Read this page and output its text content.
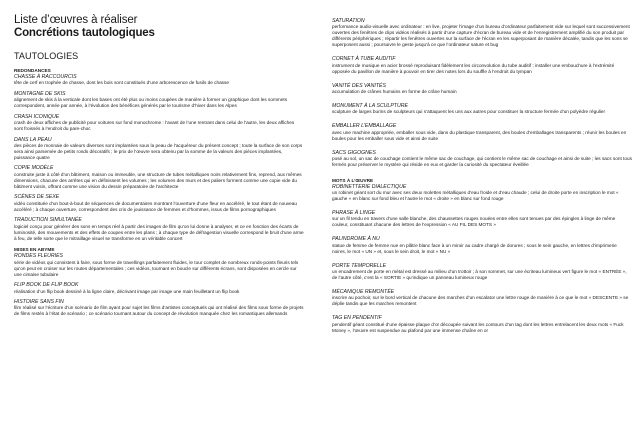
Liste d’œuvres à réaliser
Concrétions tautologiques
TAUTOLOGIES
REDONDANCES
CHASSE À RACCOURCIS
tête de cerf en trophée de chasse, dont les bois sont constitués d’une arborescence de fusils de chasse
MONTAGNE DE SKIS
alignement de skis à la verticale dont les bases ont été plus ou moins coupées de manière à former un graphique dont les sommets correspondent, année par année, à l’évolution des bénéfices générés par le tourisme d’hiver dans les Alpes
CRASH ICONIQUE
crash de deux affiches de publicité pour voitures sur fond monochrome : l’avant de l’une rentrant dans celui de l’autre, les deux affiches sont froissés à l’endroit du pare-choc
DANS LA PEAU
des pièces de monnaie de valeurs diverses sont implantées sous la peau de l’acquéreur du présent concept ; toute la surface de son corps sera ainsi parsemée de petits ronds décoratifs ; le prix de l’œuvre sera obtenu par la somme de la valeurs des pièces implantées, puissance quatre
COPIE MODÈLE
construite juste à côté d’un bâtiment, maison ou immeuble, une structure de tubes métalliques noirs relativement fins, reprend, aux mêmes dimensions, chacune des arrêtes qui en définissent les volumes ; les volumes des murs et des paliers forment comme une copie vide du bâtiment voisin, offrant comme une vision du dessin préparatoire de l’architecte
SCÈNES DE SEXE
vidéo constituée d’un bout-à-bout de séquences de documentaires montrant l’ouverture d’une fleur en accéléré, le tout étant de nouveau accéléré ; à chaque ouverture, correspondent des cris de jouissance de femmes et d’hommes, issus de films pornographiques
TRADUCTION SIMULTANÉE
logiciel conçu pour générer des sons en temps réel à partir des images de film qu’on lui donne à analyser, et ce en fonction des écarts de luminosité, des mouvements et des effets de coupes entre les plans ; à chaque type de défragestion visuelle correspond le bruit d’une arme à feu, de telle sorte que le mitraillage visuel se transforme en un véritable concert
MISES EN ABYME
RONDES FLEURIES
série de vidéos qui consistent à faire, sous forme de travellings parfaitement fluides, le tour complet de nombreux ronds-points fleuris tels qu’on peut en croiser sur les routes départementales ; ces vidéos, tournant en boucle sur différents écrans, sont disposées en cercle sur une cimaise tubulaire
FLIP BOOK DE FLIP BOOK
réalisation d’un flip book dessiné à la ligne claire, décrivant image par image une main feuilletant un flip book
HISTOIRE SANS FIN
film réalisé sur l’écriture d’un scénario de film ayant pour sujet les films d’artistes conceptuels qui ont réalisé des films sous forme de projets de films restés à l’état de scénario ; ce scénario tournant autour du concept de révolution manquée chez les romantiques allemands
SATURATION
performance audio-visuelle avec ordinateur : en live, projeter l’image d’un bureau d’ordinateur parfaitement vide sur lequel sont successivement ouvertes des fenêtres de clips vidéos réalisés à partir d’une capture d’écran de bureau vide et de l’enregistrement amplifié du son produit par différents périphériques ; répartir les fenêtres ouvertes sur la surface de l’écran en les superposant de manière décalée, tandis que les sons se superposent aussi ; poursuivre le geste jusqu’à ce que l’ordinateur sature et bug
CORNET À TUBE AUDITIF
instrument de musique en acier brossé reproduisant fidèlement les circonvolution du tube auditif ; installer une embouchure à l’extrémité opposée du pavillon de manière à pouvoir en tirer des notes lors du souffle à l’endroit du tympan
VANITÉ DES VANITÉS
accumulation de crânes humains en forme de crâne humain
MONUMENT À LA SCULPTURE
sculpture de larges burins de sculpteurs qui s’attaquent les uns aux autres pour constituer la structure fermée d’un polyèdre régulier
EMBALLER L’EMBALLAGE
avec une machine appropriée, emballer sous vide, dans du plastique transparent, des boules d’emballages transparents ; réunir les boules en boules pour les emballer sous vide et ainsi de suite
SACS GIGOGNES
posé au sol, un sac de couchage contient le même sac de couchage, qui contient le même sac de couchage et ainsi de suite ; les sacs sont tous fermés pour préserver le mystère qui réside en eux et garder la curiosité du spectateur éveillée
MOTS À L’ŒUVRE
ROBINETTERIE DIALECTIQUE
un robinet géant sort du mur avec ses deux molettes métalliques d’eau froide et d’eau chaude ; celui de droite porte en inscription le mot « gauche » en blanc sur fond bleu et l’autre le mot « droite » en blanc sur fond rouge
PHRASE À LINGE
sur un fil tendu en travers d’une salle blanche, des chaussettes rouges nouées entre elles sont tenues par des épingles à linge de même couleur, constituant chacune des lettres de l’expression « AU FIL DES MOTS »
PALINDROME À NU
statue de femme de femme nue en plâtre blanc face à un miroir au cadre chargé de dorures ; sous le sein gauche, en lettres d’imprimerie noires, le mot « UN » et, sous le sein droit, le mot « NU »
PORTE TEMPORELLE
un encadrement de porte en métal est dressé au milieu d’un trottoir ; à son sommet, sur une écriteau lumineux vert figure le mot « ENTRÉE », de l’autre côté, c’est la « SORTIE » qu’indique un panneau lumineux rouge
MÉCANIQUE REMONTÉE
inscrire au pochoir, sur le bord vertical de chacune des marches d’un escalator une lettre rouge de manière à ce que le mot « DESCENTE » se déplie tandis que les marches remontent
TAG EN PENDENTIF
pendentif géant constitué d’une épaisse plaque d’or découpée suivant les contours d’un tag dont les lettres entrelacent les deux mots « Fuck Money », l’œuvre est suspendue au plafond par une immense chaîne en or
